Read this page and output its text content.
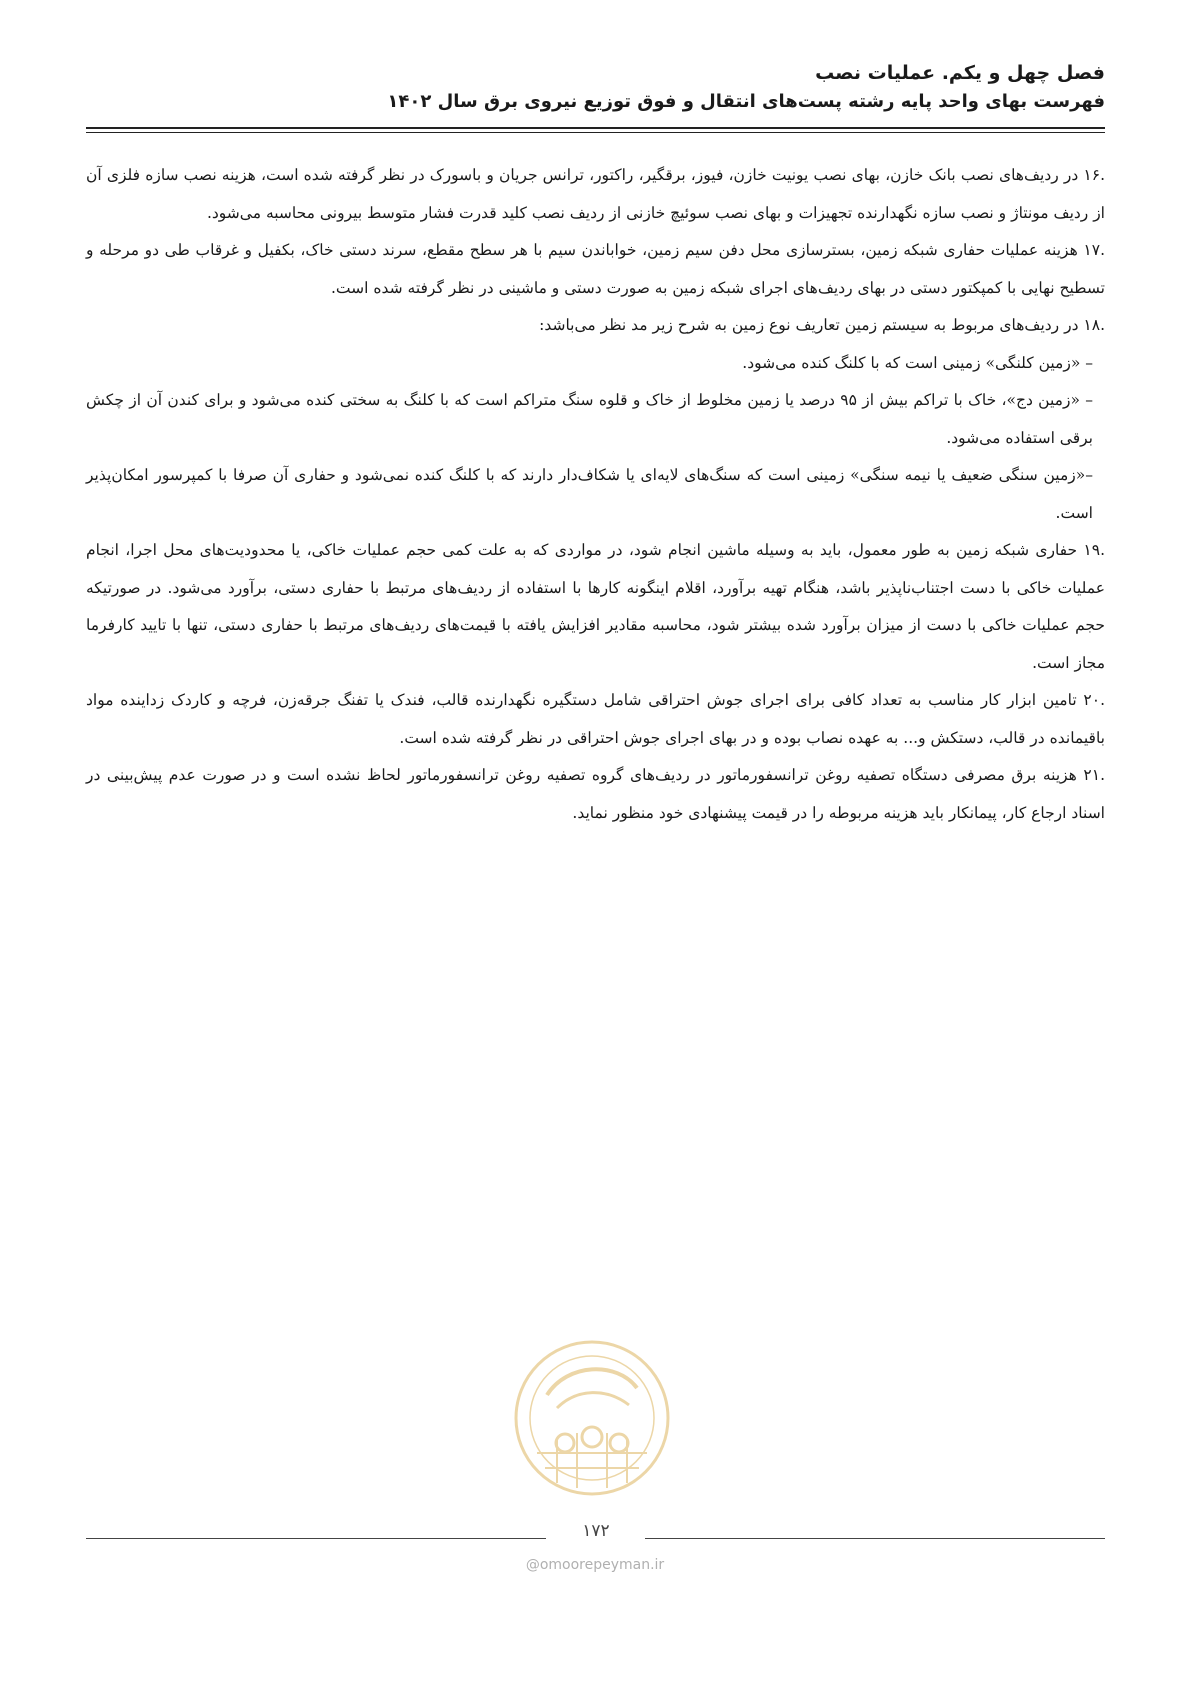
فصل چهل و یکم. عملیات نصب
فهرست بهای واحد پایه رشته پست‌های انتقال و فوق توزیع نیروی برق سال ۱۴۰۲

.۱۶ در ردیف‌های نصب بانک خازن، بهای نصب یونیت خازن، فیوز، برقگیر، راکتور، ترانس جریان و باسورک در نظر گرفته شده است، هزینه نصب سازه فلزی آن از ردیف مونتاژ و نصب سازه نگهدارنده تجهیزات و بهای نصب سوئیچ خازنی از ردیف نصب کلید قدرت فشار متوسط بیرونی محاسبه می‌شود.

.۱۷ هزینه عملیات حفاری شبکه زمین، بسترسازی محل دفن سیم زمین، خواباندن سیم با هر سطح مقطع، سرند دستی خاک، بکفیل و غرقاب طی دو مرحله و تسطیح نهایی با کمپکتور دستی در بهای ردیف‌های اجرای شبکه زمین به صورت دستی و ماشینی در نظر گرفته شده است.

.۱۸ در ردیف‌های مربوط به سیستم زمین تعاریف نوع زمین به شرح زیر مد نظر می‌باشد:

– «زمین کلنگی» زمینی است که با کلنگ کنده می‌شود.

– «زمین دج»، خاک با تراکم بیش از ۹۵ درصد یا زمین مخلوط از خاک و قلوه سنگ متراکم است که با کلنگ به سختی کنده می‌شود و برای کندن آن از چکش برقی استفاده می‌شود.

–«زمین سنگی ضعیف یا نیمه سنگی» زمینی است که سنگ‌های لایه‌ای یا شکاف‌دار دارند که با کلنگ کنده نمی‌شود و حفاری آن صرفا با کمپرسور امکان‌پذیر است.

.۱۹ حفاری شبکه زمین به طور معمول، باید به وسیله ماشین انجام شود، در مواردی که به علت کمی حجم عملیات خاکی، یا محدودیت‌های محل اجرا، انجام عملیات خاکی با دست اجتناب‌ناپذیر باشد، هنگام تهیه برآورد، اقلام اینگونه کارها با استفاده از ردیف‌های مرتبط با حفاری دستی، برآورد می‌شود. در صورتیکه حجم عملیات خاکی با دست از میزان برآورد شده بیشتر شود، محاسبه مقادیر افزایش یافته با قیمت‌های ردیف‌های مرتبط با حفاری دستی، تنها با تایید کارفرما مجاز است.

.۲۰ تامین ابزار کار مناسب به تعداد کافی برای اجرای جوش احتراقی شامل دستگیره نگهدارنده قالب، فندک یا تفنگ جرقه‌زن، فرچه و کاردک زداینده مواد باقیمانده در قالب، دستکش و... به عهده نصاب بوده و در بهای اجرای جوش احتراقی در نظر گرفته شده است.

.۲۱ هزینه برق مصرفی دستگاه تصفیه روغن ترانسفورماتور در ردیف‌های گروه تصفیه روغن ترانسفورماتور لحاظ نشده است و در صورت عدم پیش‌بینی در اسناد ارجاع کار، پیمانکار باید هزینه مربوطه را در قیمت پیشنهادی خود منظور نماید.

۱۷۲
@omoorepeyman.ir
